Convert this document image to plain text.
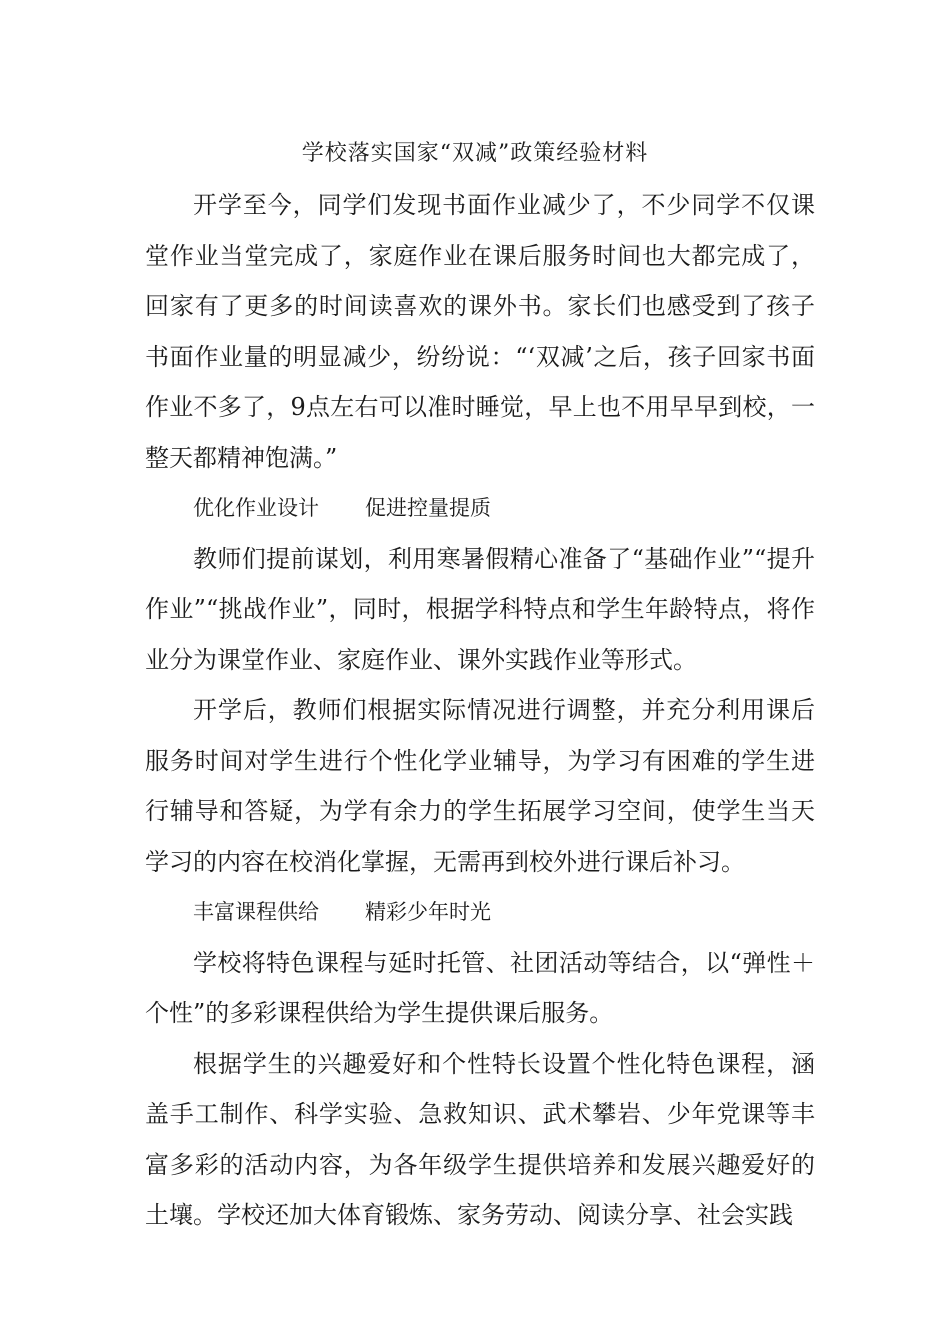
学校落实国家“双减”政策经验材料

开学至今，同学们发现书面作业减少了，不少同学不仅课堂作业当堂完成了，家庭作业在课后服务时间也大都完成了，回家有了更多的时间读喜欢的课外书。家长们也感受到了孩子书面作业量的明显减少，纷纷说：“‘双减’之后，孩子回家书面作业不多了，9点左右可以准时睡觉，早上也不用早早到校，一整天都精神饱满。”

优化作业设计 促进控量提质

教师们提前谋划，利用寒暑假精心准备了“基础作业”“提升作业”“挑战作业”，同时，根据学科特点和学生年龄特点，将作业分为课堂作业、家庭作业、课外实践作业等形式。

开学后，教师们根据实际情况进行调整，并充分利用课后服务时间对学生进行个性化学业辅导，为学习有困难的学生进行辅导和答疑，为学有余力的学生拓展学习空间，使学生当天学习的内容在校消化掌握，无需再到校外进行课后补习。

丰富课程供给 精彩少年时光

学校将特色课程与延时托管、社团活动等结合，以“弹性＋个性”的多彩课程供给为学生提供课后服务。

根据学生的兴趣爱好和个性特长设置个性化特色课程，涵盖手工制作、科学实验、急救知识、武术攀岩、少年党课等丰富多彩的活动内容，为各年级学生提供培养和发展兴趣爱好的土壤。学校还加大体育锻炼、家务劳动、阅读分享、社会实践
